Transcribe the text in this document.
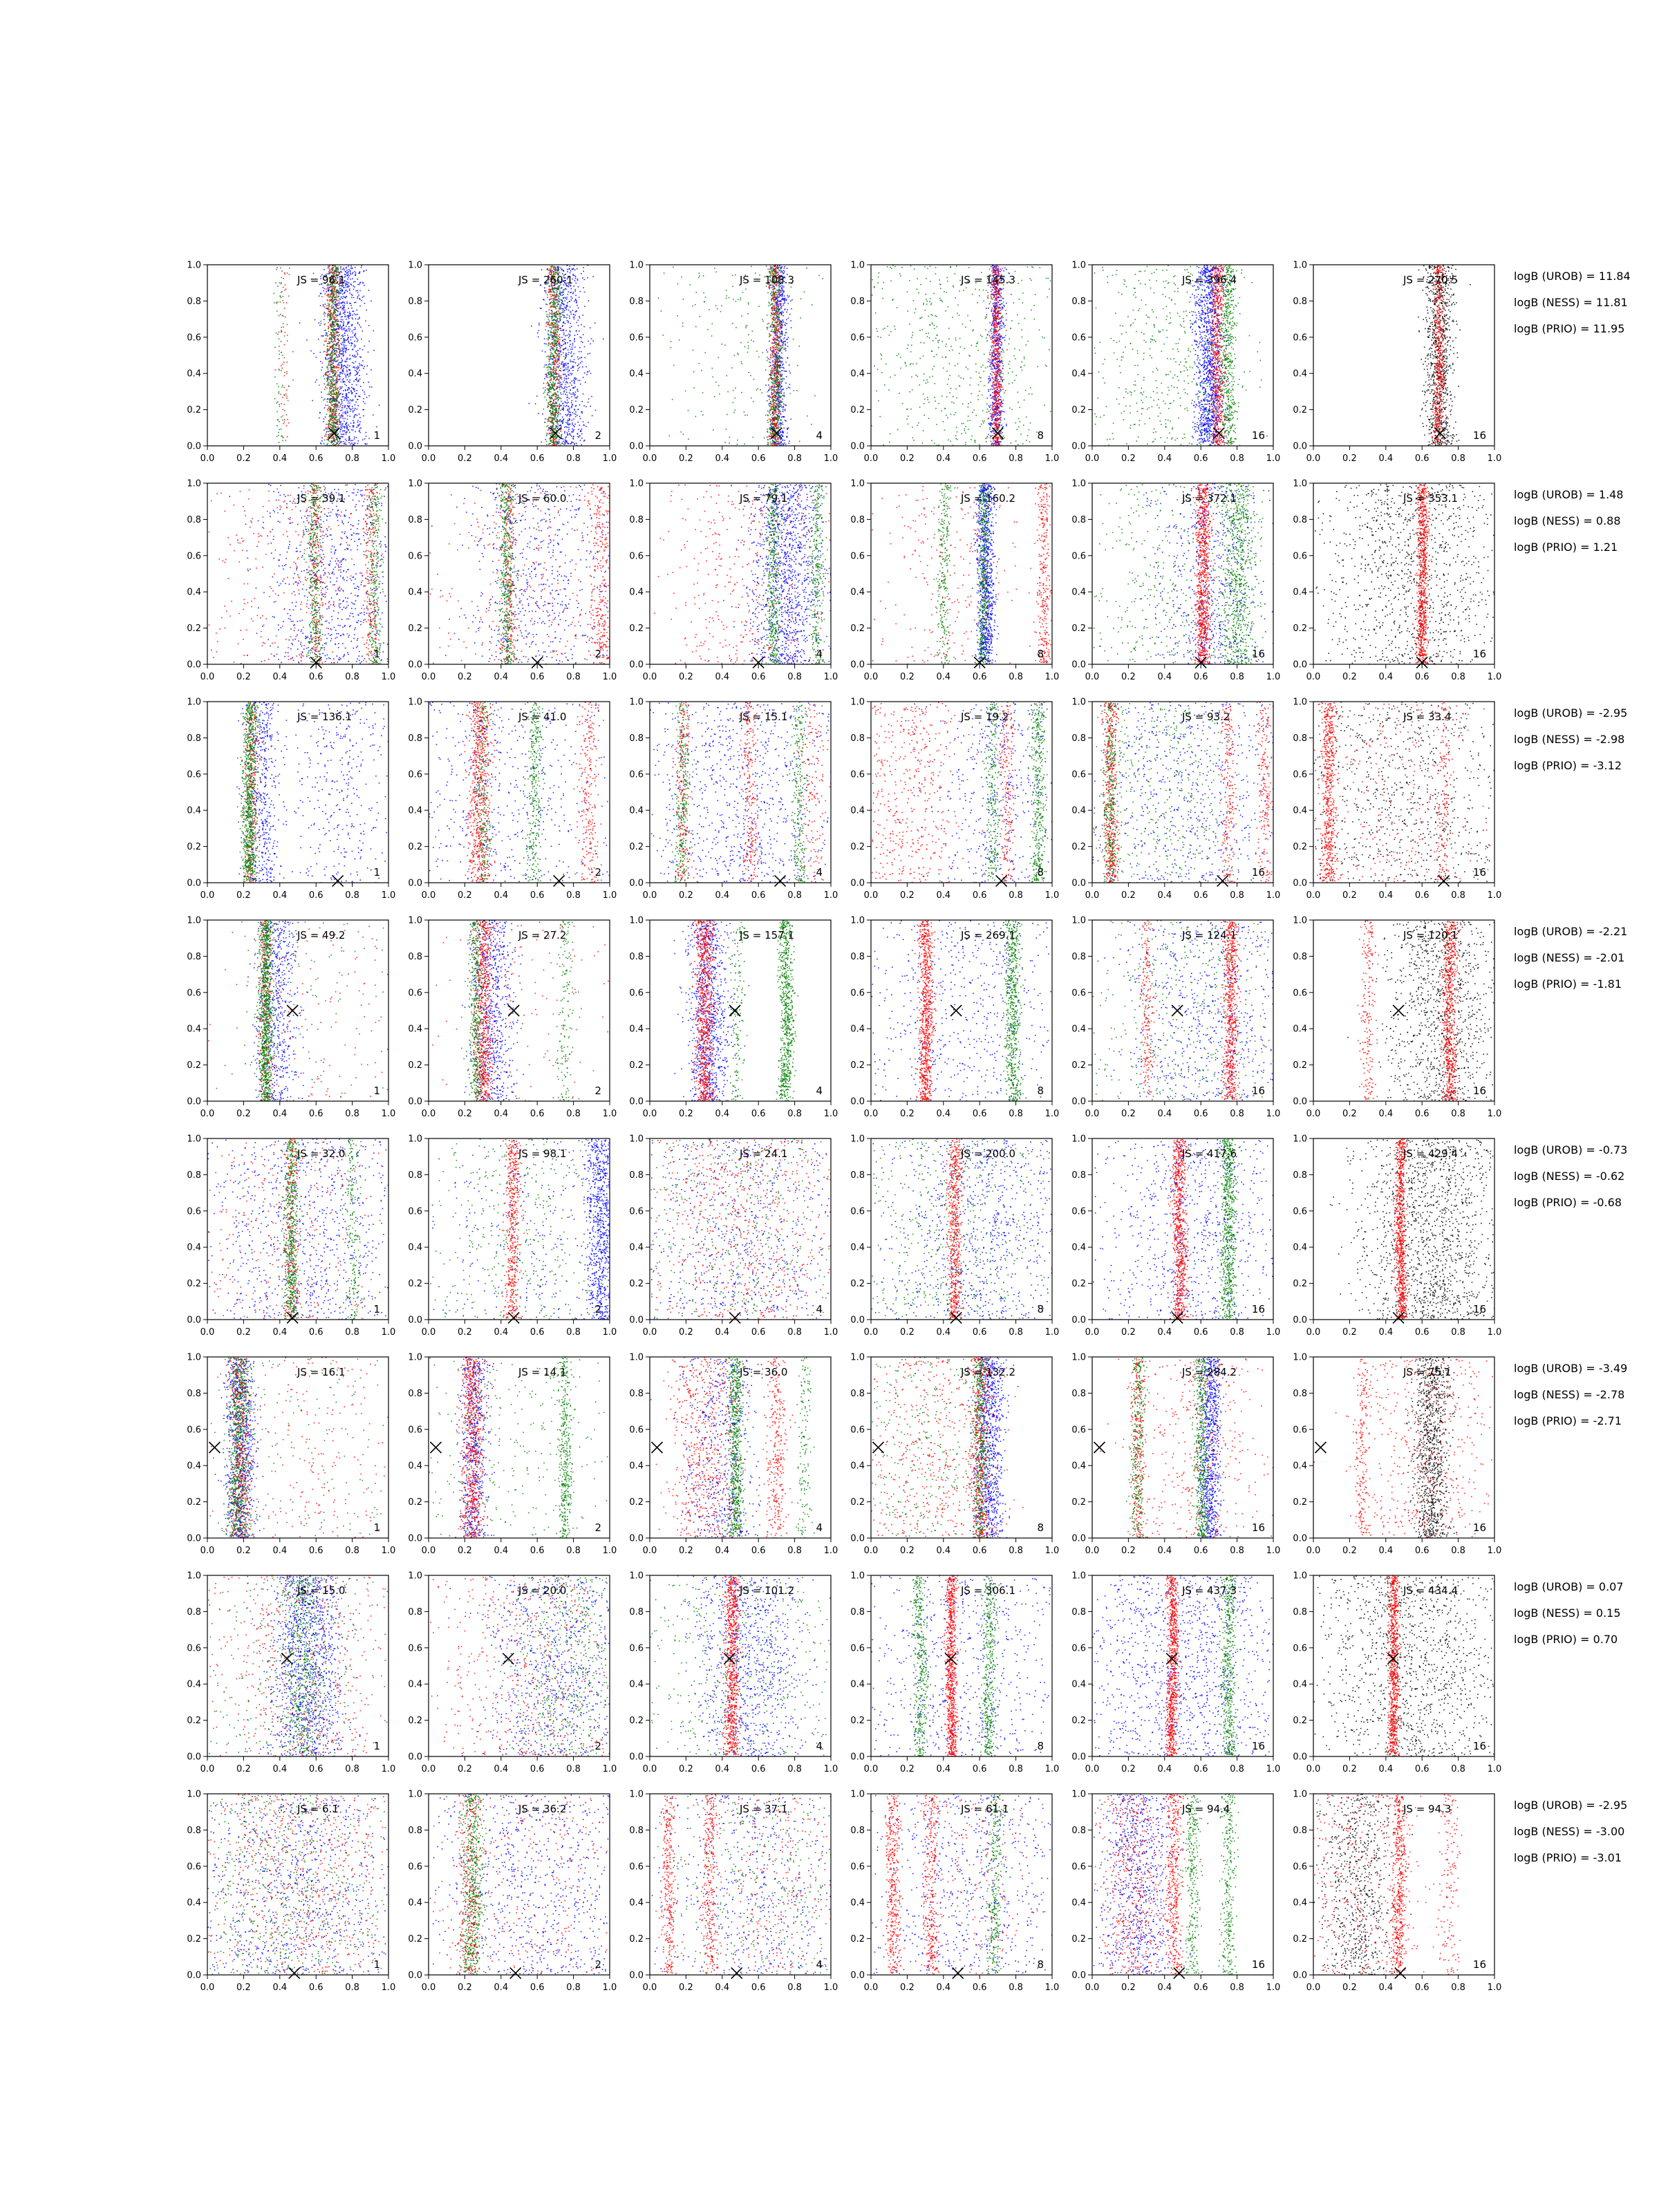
0.0 0.2 0.4 0.6 0.8 1.0
0.0
0.2
0.4
0.6
0.8
1.0
JS = 96.1
1
0.0 0.2 0.4 0.6 0.8 1.0
0.0
0.2
0.4
0.6
0.8
1.0
JS = 260.1
2
0.0 0.2 0.4 0.6 0.8 1.0
0.0
0.2
0.4
0.6
0.8
1.0
JS = 108.3
4
0.0 0.2 0.4 0.6 0.8 1.0
0.0
0.2
0.4
0.6
0.8
1.0
JS = 145.3
8
0.0 0.2 0.4 0.6 0.8 1.0
0.0
0.2
0.4
0.6
0.8
1.0
JS = 396.4
16
0.0 0.2 0.4 0.6 0.8 1.0
0.0
0.2
0.4
0.6
0.8
1.0
JS = 270.5
16
0.0 0.2 0.4 0.6 0.8 1.0
0.0
0.2
0.4
0.6
0.8
1.0
JS = 39.1
1
0.0 0.2 0.4 0.6 0.8 1.0
0.0
0.2
0.4
0.6
0.8
1.0
JS = 60.0
2
0.0 0.2 0.4 0.6 0.8 1.0
0.0
0.2
0.4
0.6
0.8
1.0
JS = 79.1
4
0.0 0.2 0.4 0.6 0.8 1.0
0.0
0.2
0.4
0.6
0.8
1.0
JS = 160.2
8
0.0 0.2 0.4 0.6 0.8 1.0
0.0
0.2
0.4
0.6
0.8
1.0
JS = 372.1
16
0.0 0.2 0.4 0.6 0.8 1.0
0.0
0.2
0.4
0.6
0.8
1.0
JS = 353.1
16
0.0 0.2 0.4 0.6 0.8 1.0
0.0
0.2
0.4
0.6
0.8
1.0
JS = 136.1
1
0.0 0.2 0.4 0.6 0.8 1.0
0.0
0.2
0.4
0.6
0.8
1.0
JS = 41.0
2
0.0 0.2 0.4 0.6 0.8 1.0
0.0
0.2
0.4
0.6
0.8
1.0
JS = 15.1
4
0.0 0.2 0.4 0.6 0.8 1.0
0.0
0.2
0.4
0.6
0.8
1.0
JS = 19.2
8
0.0 0.2 0.4 0.6 0.8 1.0
0.0
0.2
0.4
0.6
0.8
1.0
JS = 93.2
16
0.0 0.2 0.4 0.6 0.8 1.0
0.0
0.2
0.4
0.6
0.8
1.0
JS = 33.4
16
0.0 0.2 0.4 0.6 0.8 1.0
0.0
0.2
0.4
0.6
0.8
1.0
JS = 49.2
1
0.0 0.2 0.4 0.6 0.8 1.0
0.0
0.2
0.4
0.6
0.8
1.0
JS = 27.2
2
0.0 0.2 0.4 0.6 0.8 1.0
0.0
0.2
0.4
0.6
0.8
1.0
JS = 157.1
4
0.0 0.2 0.4 0.6 0.8 1.0
0.0
0.2
0.4
0.6
0.8
1.0
JS = 269.1
8
0.0 0.2 0.4 0.6 0.8 1.0
0.0
0.2
0.4
0.6
0.8
1.0
JS = 124.1
16
0.0 0.2 0.4 0.6 0.8 1.0
0.0
0.2
0.4
0.6
0.8
1.0
JS = 120.1
16
0.0 0.2 0.4 0.6 0.8 1.0
0.0
0.2
0.4
0.6
0.8
1.0
JS = 32.0
1
0.0 0.2 0.4 0.6 0.8 1.0
0.0
0.2
0.4
0.6
0.8
1.0
JS = 98.1
2
0.0 0.2 0.4 0.6 0.8 1.0
0.0
0.2
0.4
0.6
0.8
1.0
JS = 24.1
4
0.0 0.2 0.4 0.6 0.8 1.0
0.0
0.2
0.4
0.6
0.8
1.0
JS = 200.0
8
0.0 0.2 0.4 0.6 0.8 1.0
0.0
0.2
0.4
0.6
0.8
1.0
JS = 417.6
16
0.0 0.2 0.4 0.6 0.8 1.0
0.0
0.2
0.4
0.6
0.8
1.0
JS = 429.4
16
0.0 0.2 0.4 0.6 0.8 1.0
0.0
0.2
0.4
0.6
0.8
1.0
JS = 16.1
1
0.0 0.2 0.4 0.6 0.8 1.0
0.0
0.2
0.4
0.6
0.8
1.0
JS = 14.1
2
0.0 0.2 0.4 0.6 0.8 1.0
0.0
0.2
0.4
0.6
0.8
1.0
JS = 36.0
4
0.0 0.2 0.4 0.6 0.8 1.0
0.0
0.2
0.4
0.6
0.8
1.0
JS = 132.2
8
0.0 0.2 0.4 0.6 0.8 1.0
0.0
0.2
0.4
0.6
0.8
1.0
JS = 284.2
16
0.0 0.2 0.4 0.6 0.8 1.0
0.0
0.2
0.4
0.6
0.8
1.0
JS = 75.1
16
0.0 0.2 0.4 0.6 0.8 1.0
0.0
0.2
0.4
0.6
0.8
1.0
JS = 15.0
1
0.0 0.2 0.4 0.6 0.8 1.0
0.0
0.2
0.4
0.6
0.8
1.0
JS = 20.0
2
0.0 0.2 0.4 0.6 0.8 1.0
0.0
0.2
0.4
0.6
0.8
1.0
JS = 101.2
4
0.0 0.2 0.4 0.6 0.8 1.0
0.0
0.2
0.4
0.6
0.8
1.0
JS = 306.1
8
0.0 0.2 0.4 0.6 0.8 1.0
0.0
0.2
0.4
0.6
0.8
1.0
JS = 437.3
16
0.0 0.2 0.4 0.6 0.8 1.0
0.0
0.2
0.4
0.6
0.8
1.0
JS = 434.4
16
0.0 0.2 0.4 0.6 0.8 1.0
0.0
0.2
0.4
0.6
0.8
1.0
JS = 6.1
1
0.0 0.2 0.4 0.6 0.8 1.0
0.0
0.2
0.4
0.6
0.8
1.0
JS = 36.2
2
0.0 0.2 0.4 0.6 0.8 1.0
0.0
0.2
0.4
0.6
0.8
1.0
JS = 37.1
4
0.0 0.2 0.4 0.6 0.8 1.0
0.0
0.2
0.4
0.6
0.8
1.0
JS = 61.1
8
0.0 0.2 0.4 0.6 0.8 1.0
0.0
0.2
0.4
0.6
0.8
1.0
JS = 94.4
16
0.0 0.2 0.4 0.6 0.8 1.0
0.0
0.2
0.4
0.6
0.8
1.0
JS = 94.3
16
logB (UROB) = 11.84
logB (NESS) = 11.81
logB (PRIO) = 11.95
logB (UROB) = 1.48
logB (NESS) = 0.88
logB (PRIO) = 1.21
logB (UROB) = -2.95
logB (NESS) = -2.98
logB (PRIO) = -3.12
logB (UROB) = -2.21
logB (NESS) = -2.01
logB (PRIO) = -1.81
logB (UROB) = -0.73
logB (NESS) = -0.62
logB (PRIO) = -0.68
logB (UROB) = -3.49
logB (NESS) = -2.78
logB (PRIO) = -2.71
logB (UROB) = 0.07
logB (NESS) = 0.15
logB (PRIO) = 0.70
logB (UROB) = -2.95
logB (NESS) = -3.00
logB (PRIO) = -3.01
